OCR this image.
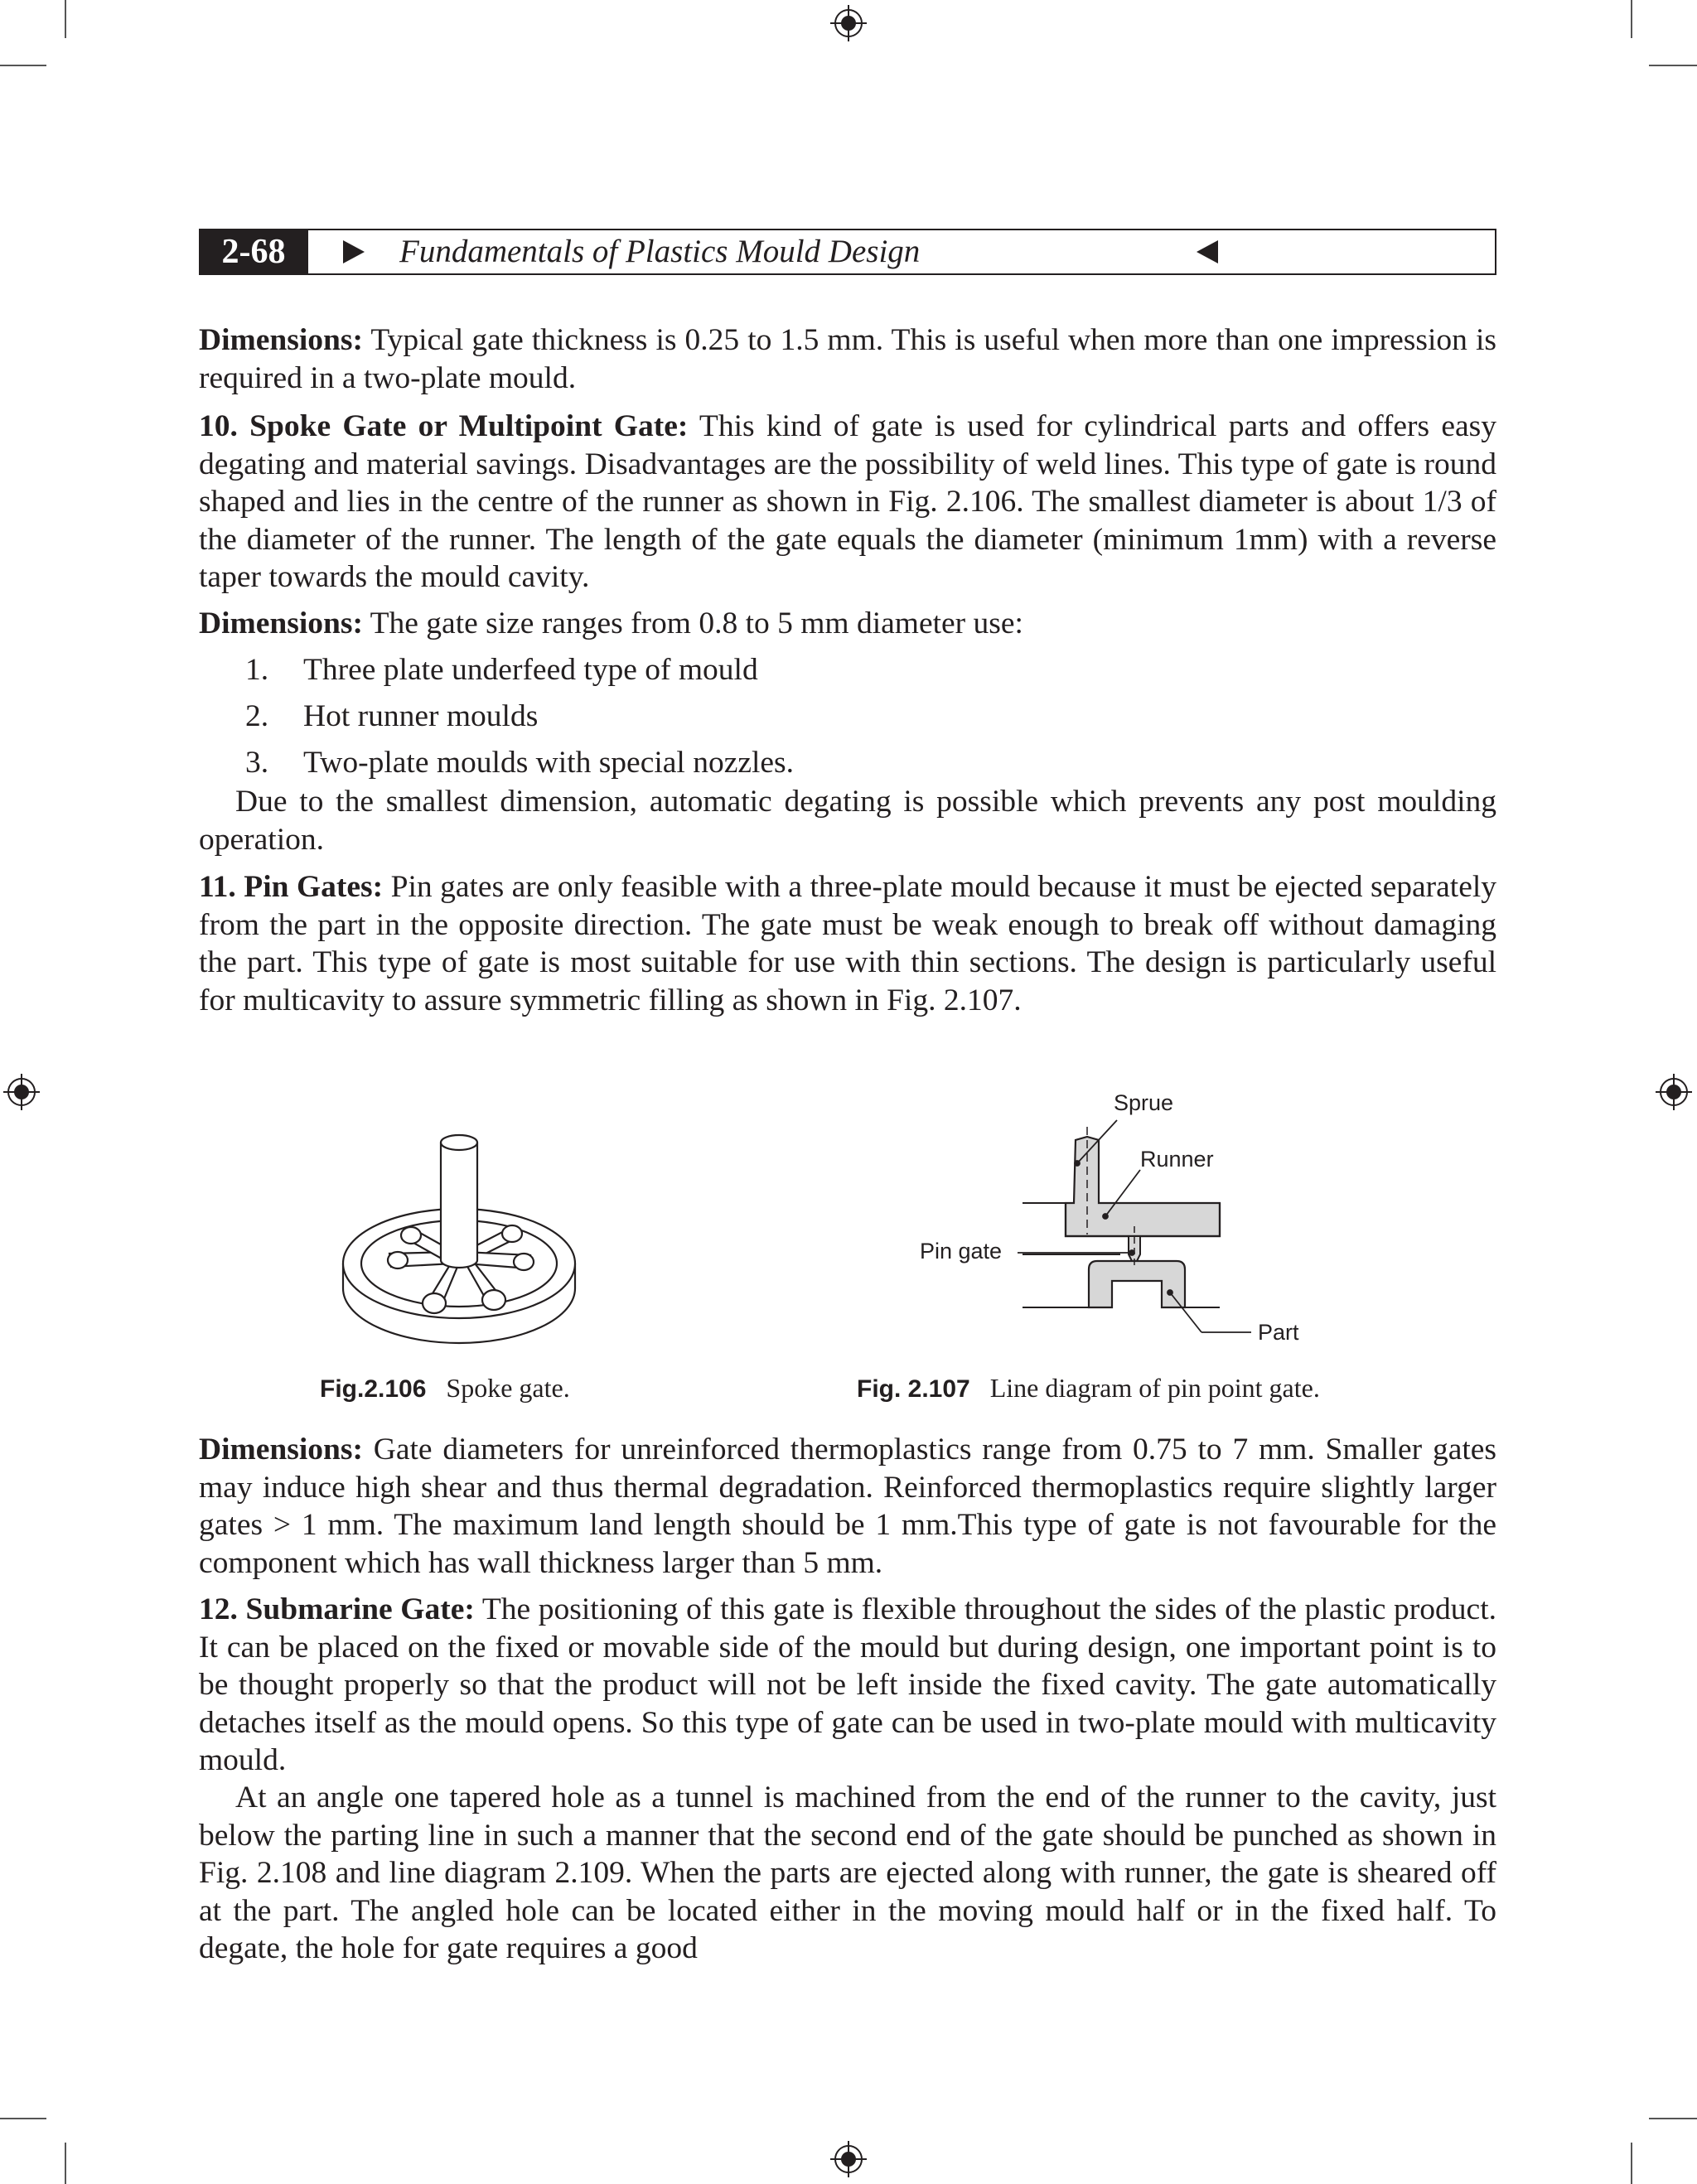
2-68	Fundamentals of Plastics Mould Design

Dimensions: Typical gate thickness is 0.25 to 1.5 mm. This is useful when more than one impression is required in a two-plate mould.

10. Spoke Gate or Multipoint Gate: This kind of gate is used for cylindrical parts and offers easy degating and material savings. Disadvantages are the possibility of weld lines. This type of gate is round shaped and lies in the centre of the runner as shown in Fig. 2.106. The smallest diameter is about 1/3 of the diameter of the runner. The length of the gate equals the diameter (minimum 1mm) with a reverse taper towards the mould cavity.

Dimensions: The gate size ranges from 0.8 to 5 mm diameter use:

1. Three plate underfeed type of mould
2. Hot runner moulds
3. Two-plate moulds with special nozzles.

Due to the smallest dimension, automatic degating is possible which prevents any post moulding operation.

11. Pin Gates: Pin gates are only feasible with a three-plate mould because it must be ejected separately from the part in the opposite direction. The gate must be weak enough to break off without damaging the part. This type of gate is most suitable for use with thin sections. The design is particularly useful for multicavity to assure symmetric filling as shown in Fig. 2.107.

Sprue
Runner
Pin gate
Part
Fig.2.106 Spoke gate.	Fig. 2.107 Line diagram of pin point gate.

Dimensions: Gate diameters for unreinforced thermoplastics range from 0.75 to 7 mm. Smaller gates may induce high shear and thus thermal degradation. Reinforced thermoplastics require slightly larger gates > 1 mm. The maximum land length should be 1 mm.This type of gate is not favourable for the component which has wall thickness larger than 5 mm.

12. Submarine Gate: The positioning of this gate is flexible throughout the sides of the plastic product. It can be placed on the fixed or movable side of the mould but during design, one important point is to be thought properly so that the product will not be left inside the fixed cavity. The gate automatically detaches itself as the mould opens. So this type of gate can be used in two-plate mould with multicavity mould.

At an angle one tapered hole as a tunnel is machined from the end of the runner to the cavity, just below the parting line in such a manner that the second end of the gate should be punched as shown in Fig. 2.108 and line diagram 2.109. When the parts are ejected along with runner, the gate is sheared off at the part. The angled hole can be located either in the moving mould half or in the fixed half. To degate, the hole for gate requires a good
